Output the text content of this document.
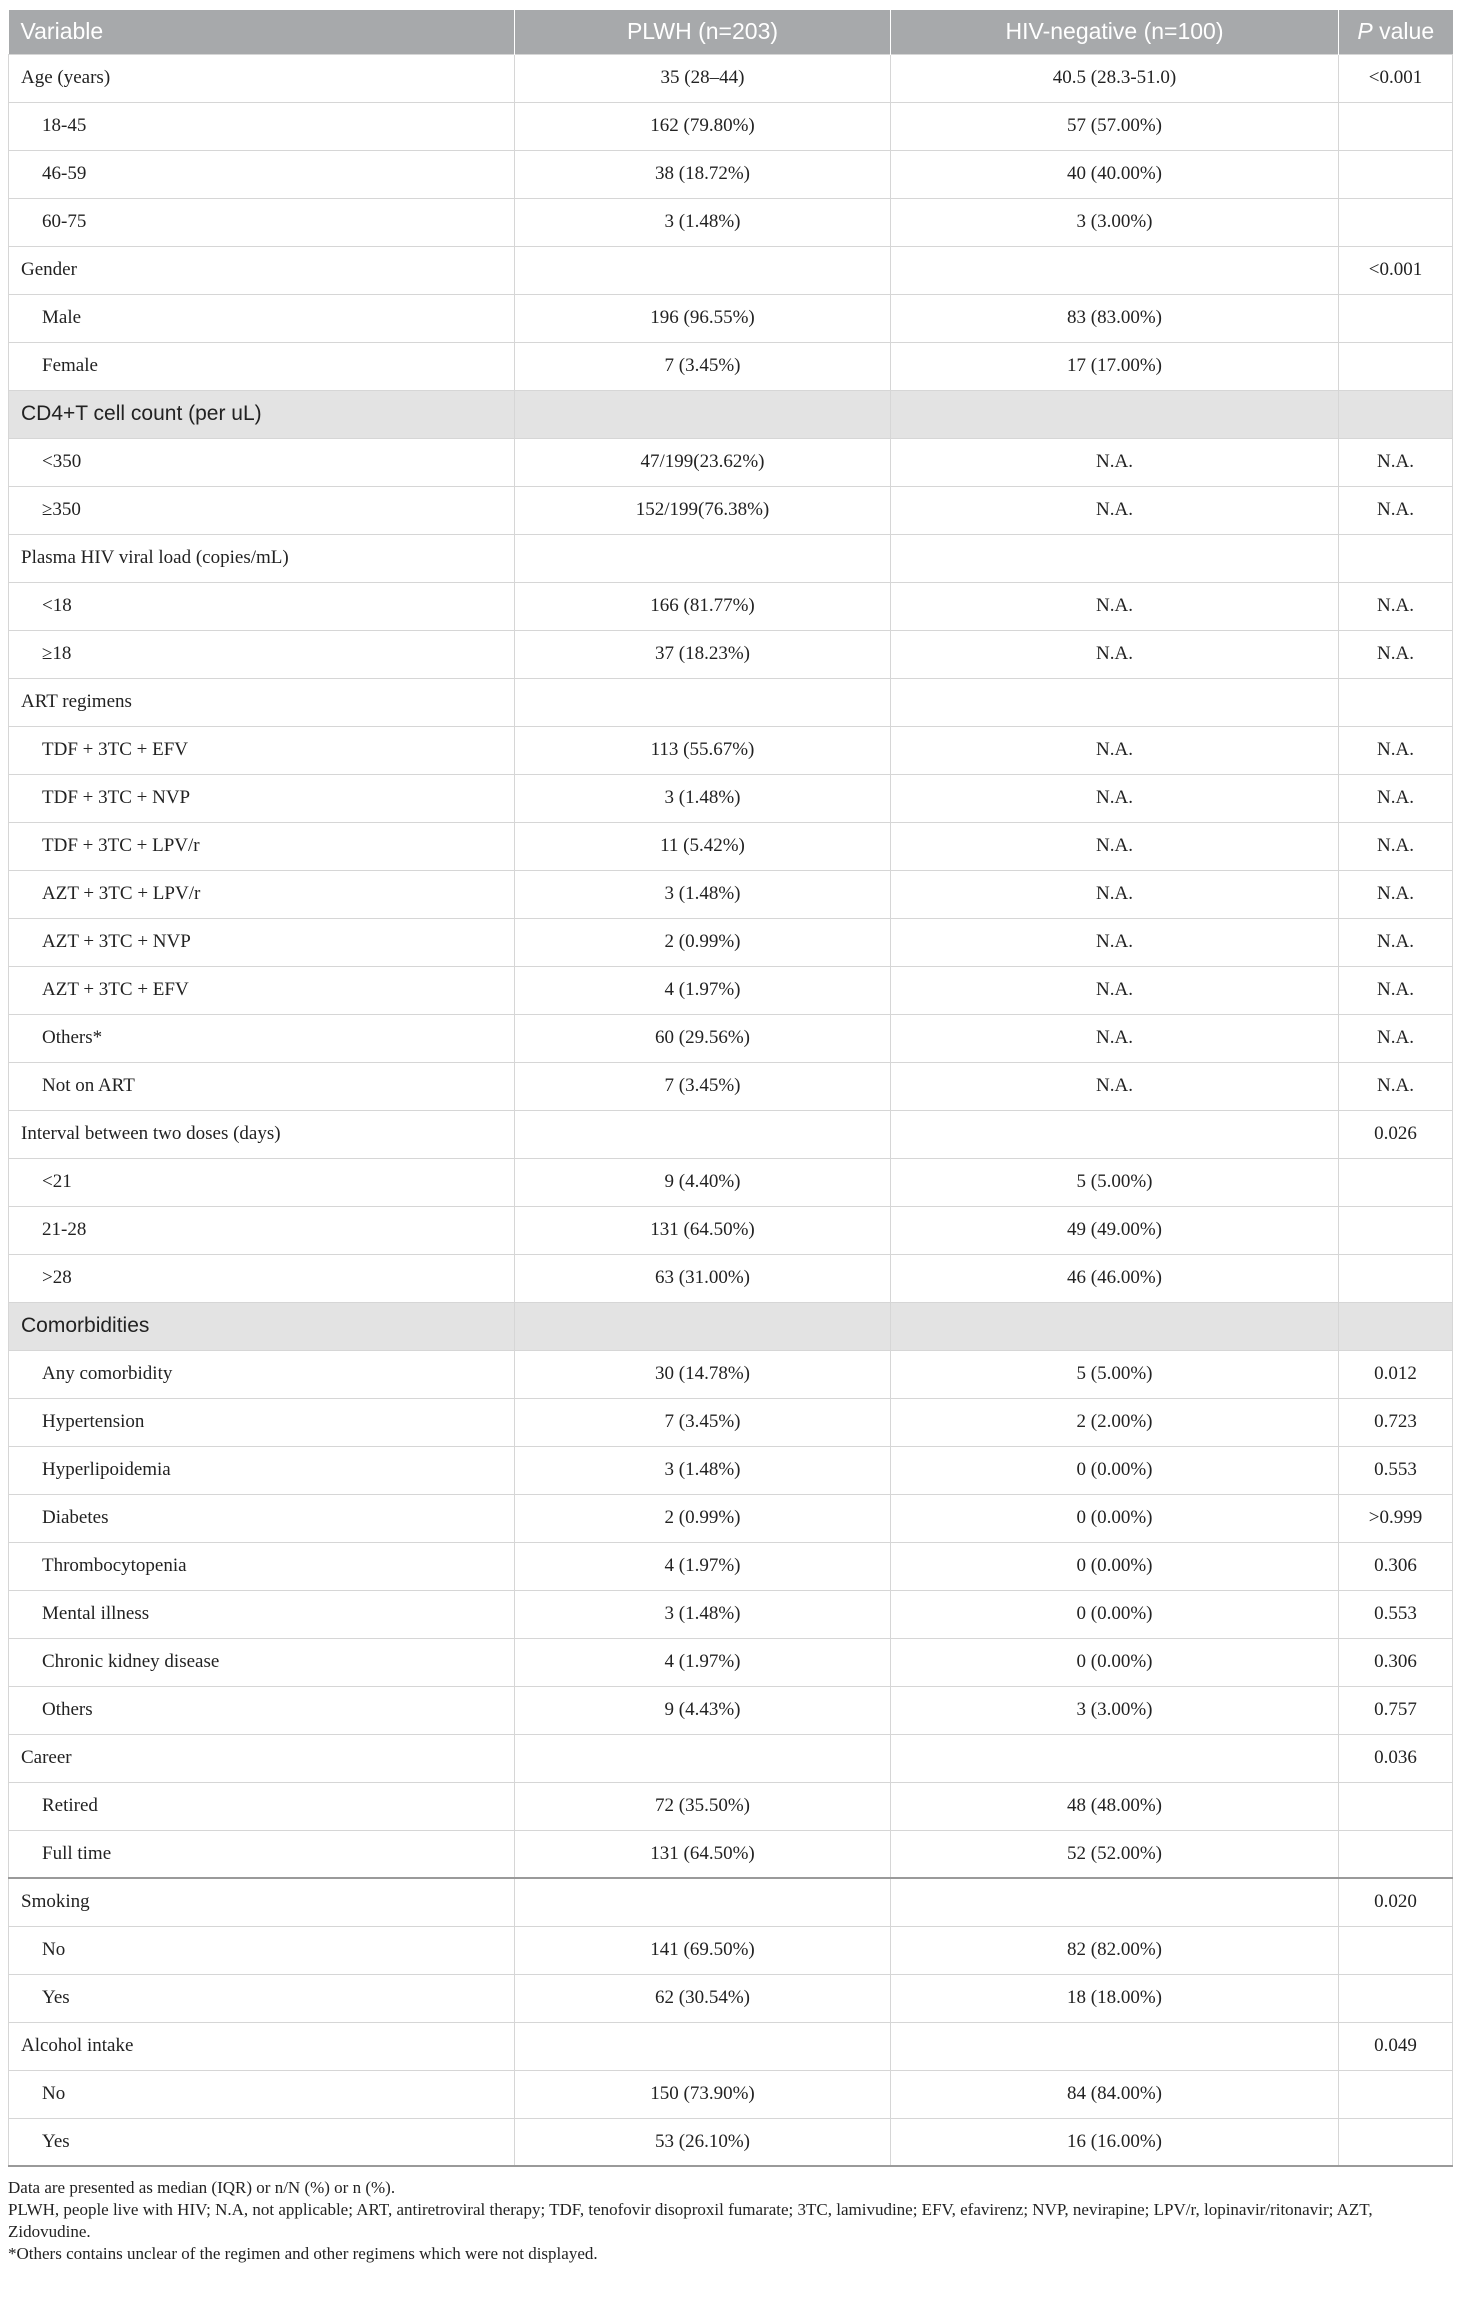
Variable	PLWH (n=203)	HIV-negative (n=100)	P value
Age (years)	35 (28–44)	40.5 (28.3-51.0)	<0.001
18-45	162 (79.80%)	57 (57.00%)	
46-59	38 (18.72%)	40 (40.00%)	
60-75	3 (1.48%)	3 (3.00%)	
Gender			<0.001
Male	196 (96.55%)	83 (83.00%)	
Female	7 (3.45%)	17 (17.00%)	
CD4+T cell count (per uL)			
<350	47/199(23.62%)	N.A.	N.A.
≥350	152/199(76.38%)	N.A.	N.A.
Plasma HIV viral load (copies/mL)			
<18	166 (81.77%)	N.A.	N.A.
≥18	37 (18.23%)	N.A.	N.A.
ART regimens			
TDF + 3TC + EFV	113 (55.67%)	N.A.	N.A.
TDF + 3TC + NVP	3 (1.48%)	N.A.	N.A.
TDF + 3TC + LPV/r	11 (5.42%)	N.A.	N.A.
AZT + 3TC + LPV/r	3 (1.48%)	N.A.	N.A.
AZT + 3TC + NVP	2 (0.99%)	N.A.	N.A.
AZT + 3TC + EFV	4 (1.97%)	N.A.	N.A.
Others*	60 (29.56%)	N.A.	N.A.
Not on ART	7 (3.45%)	N.A.	N.A.
Interval between two doses (days)			0.026
<21	9 (4.40%)	5 (5.00%)	
21-28	131 (64.50%)	49 (49.00%)	
>28	63 (31.00%)	46 (46.00%)	
Comorbidities			
Any comorbidity	30 (14.78%)	5 (5.00%)	0.012
Hypertension	7 (3.45%)	2 (2.00%)	0.723
Hyperlipoidemia	3 (1.48%)	0 (0.00%)	0.553
Diabetes	2 (0.99%)	0 (0.00%)	>0.999
Thrombocytopenia	4 (1.97%)	0 (0.00%)	0.306
Mental illness	3 (1.48%)	0 (0.00%)	0.553
Chronic kidney disease	4 (1.97%)	0 (0.00%)	0.306
Others	9 (4.43%)	3 (3.00%)	0.757
Career			0.036
Retired	72 (35.50%)	48 (48.00%)	
Full time	131 (64.50%)	52 (52.00%)	
Smoking			0.020
No	141 (69.50%)	82 (82.00%)	
Yes	62 (30.54%)	18 (18.00%)	
Alcohol intake			0.049
No	150 (73.90%)	84 (84.00%)	
Yes	53 (26.10%)	16 (16.00%)	

Data are presented as median (IQR) or n/N (%) or n (%).

PLWH, people live with HIV; N.A, not applicable; ART, antiretroviral therapy; TDF, tenofovir disoproxil fumarate; 3TC, lamivudine; EFV, efavirenz; NVP, nevirapine; LPV/r, lopinavir/ritonavir; AZT, Zidovudine.

*Others contains unclear of the regimen and other regimens which were not displayed.
